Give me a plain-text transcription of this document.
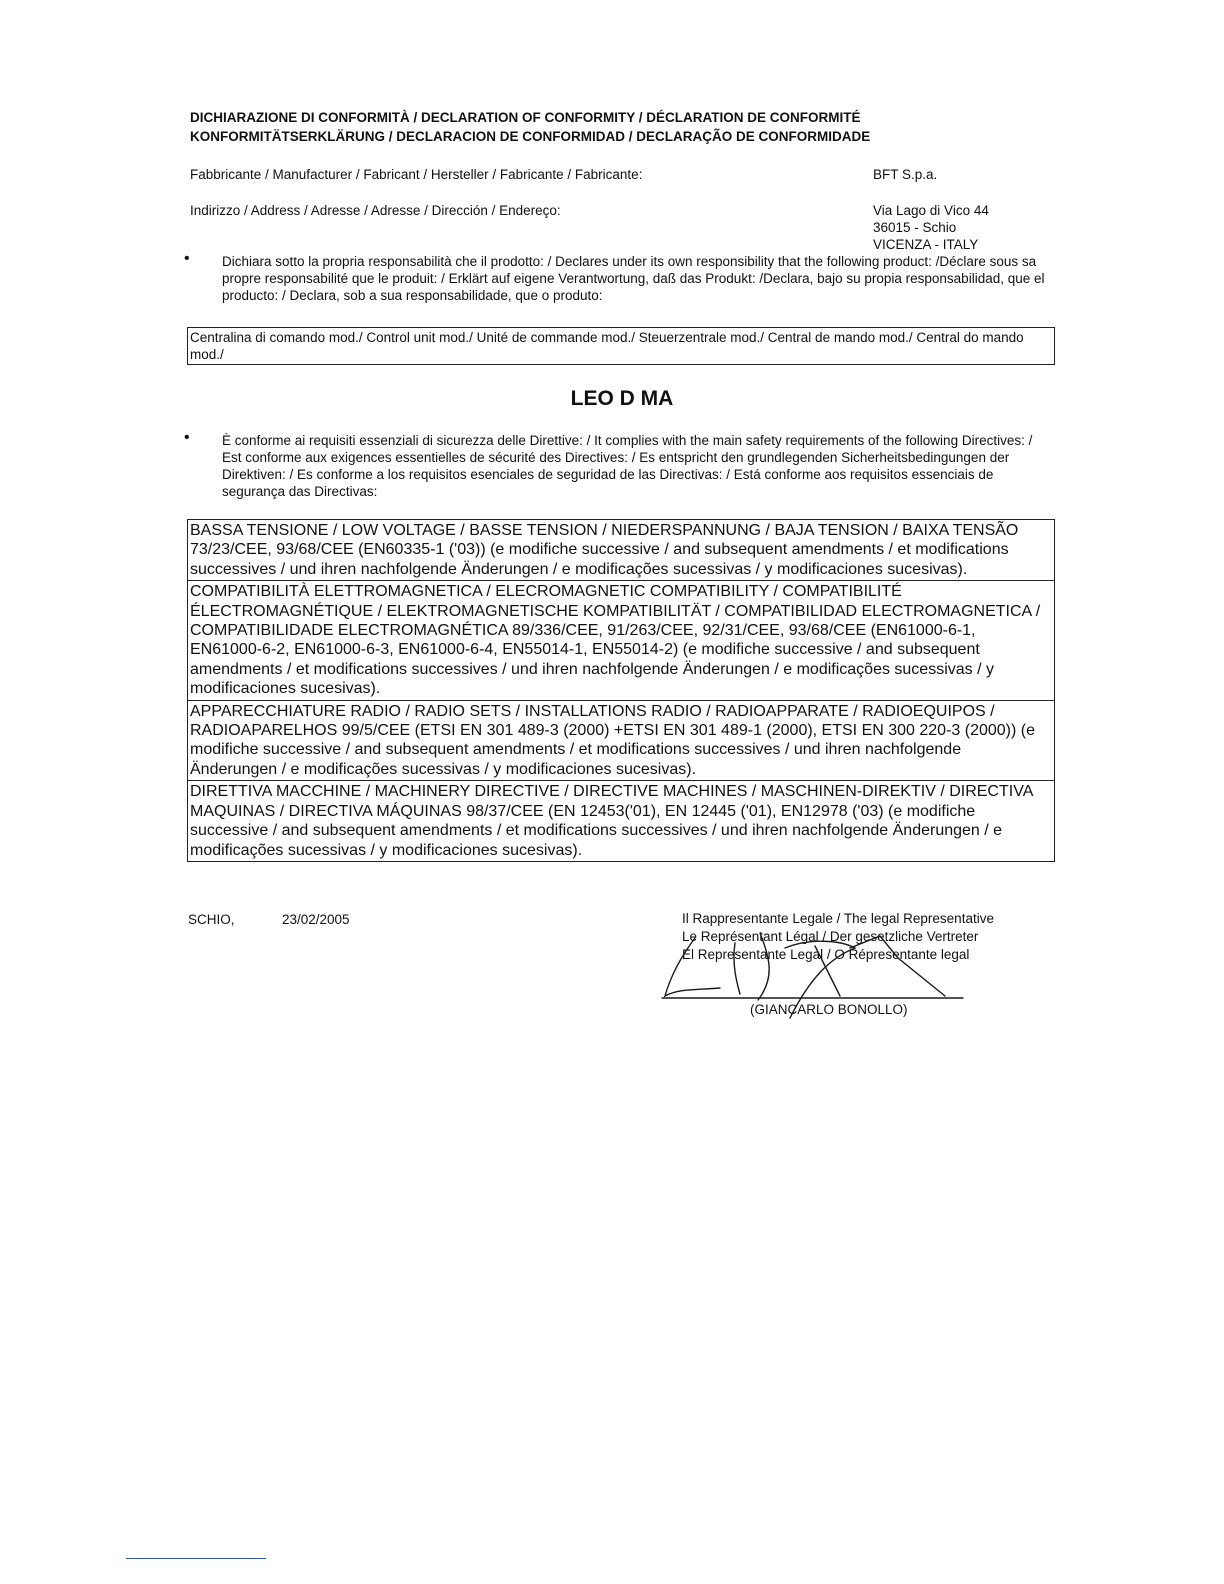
DICHIARAZIONE DI CONFORMITÀ / DECLARATION OF CONFORMITY / DÉCLARATION DE CONFORMITÉ
KONFORMITÄTSERKLÄRUNG / DECLARACION DE CONFORMIDAD / DECLARAÇÃO DE CONFORMIDADE
Fabbricante / Manufacturer / Fabricant / Hersteller / Fabricante / Fabricante:	BFT S.p.a.
Indirizzo / Address / Adresse / Adresse / Dirección / Endereço:	Via Lago di Vico 44
36015 - Schio
VICENZA - ITALY
• Dichiara sotto la propria responsabilità che il prodotto: / Declares under its own responsibility that the following product: /Déclare sous sa propre responsabilité que le produit: / Erklärt auf eigene Verantwortung, daß das Produkt: /Declara, bajo su propia responsabilidad, que el producto: / Declara, sob a sua responsabilidade, que o produto:
Centralina di comando mod./ Control unit mod./ Unité de commande mod./ Steuerzentrale mod./ Central de mando mod./ Central do mando mod./
LEO D MA
• È conforme ai requisiti essenziali di sicurezza delle Direttive: / It complies with the main safety requirements of the following Directives: / Est conforme aux exigences essentielles de sécurité des Directives: / Es entspricht den grundlegenden Sicherheitsbedingungen der Direktiven: / Es conforme a los requisitos esenciales de seguridad de las Directivas: / Está conforme aos requisitos essenciais de segurança das Directivas:
BASSA TENSIONE / LOW VOLTAGE / BASSE TENSION / NIEDERSPANNUNG / BAJA TENSION / BAIXA TENSÃO 73/23/CEE, 93/68/CEE (EN60335-1 ('03)) (e modifiche successive / and subsequent amendments / et modifications successives / und ihren nachfolgende Änderungen / e modificações sucessivas / y modificaciones sucesivas).
COMPATIBILITÀ ELETTROMAGNETICA / ELECROMAGNETIC COMPATIBILITY / COMPATIBILITÉ ÉLECTROMAGNÉTIQUE / ELEKTROMAGNETISCHE KOMPATIBILITÄT / COMPATIBILIDAD ELECTROMAGNETICA / COMPATIBILIDADE ELECTROMAGNÉTICA 89/336/CEE, 91/263/CEE, 92/31/CEE, 93/68/CEE (EN61000-6-1, EN61000-6-2, EN61000-6-3, EN61000-6-4, EN55014-1, EN55014-2) (e modifiche successive / and subsequent amendments / et modifications successives / und ihren nachfolgende Änderungen / e modificações sucessivas / y modificaciones sucesivas).
APPARECCHIATURE RADIO / RADIO SETS / INSTALLATIONS RADIO / RADIOAPPARATE / RADIOEQUIPOS / RADIOAPARELHOS 99/5/CEE (ETSI EN 301 489-3 (2000) +ETSI EN 301 489-1 (2000), ETSI EN 300 220-3 (2000)) (e modifiche successive / and subsequent amendments / et modifications successives / und ihren nachfolgende Änderungen / e modificações sucessivas / y modificaciones sucesivas).
DIRETTIVA MACCHINE / MACHINERY DIRECTIVE / DIRECTIVE MACHINES / MASCHINEN-DIREKTIV / DIRECTIVA MAQUINAS / DIRECTIVA MÁQUINAS 98/37/CEE (EN 12453('01), EN 12445 ('01), EN12978 ('03) (e modifiche successive / and subsequent amendments / et modifications successives / und ihren nachfolgende Änderungen / e modificações sucessivas / y modificaciones sucesivas).
SCHIO,	23/02/2005	Il Rappresentante Legale / The legal Representative
Le Représentant Légal / Der gesetzliche Vertreter
El Representante Legal / O Répresentante legal
(GIANCARLO BONOLLO)
